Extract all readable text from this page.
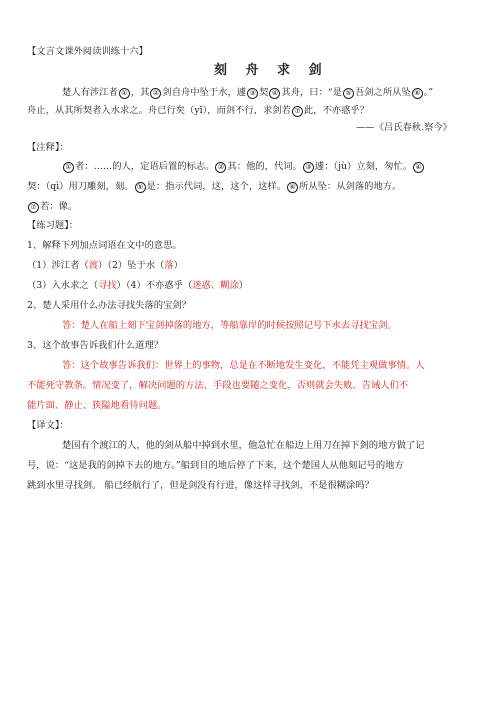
【文言文课外阅读训练十六】
刻 舟 求 剑
楚人有涉江者 ① ，其 ② 剑自舟中坠于水，遽 ③ 契 ④ 其舟，曰：“是 ⑤ 吾剑之所从坠 ⑥ 。”
舟止，从其所契者入水求之。舟已行矣（yǐ），而剑不行，求剑若 ⑦ 此，不亦惑乎？
——《吕氏春秋.察今》
【注释】：
① 者：……的人，定语后置的标志。 ② 其：他的，代词。 ③ 遽：（jù）立刻，匆忙。 ④
契：（qì）用刀雕刻，刻。 ⑤ 是：指示代词，这，这个，这样。 ⑥ 所从坠：从剑落的地方。
⑦ 若：像。
【练习题】：
1、解释下列加点词语在文中的意思。
（1）涉江者（渡）（2）坠于水（落）
（3）入水求之（寻找）（4）不亦惑乎（迷惑、糊涂）
2、楚人采用什么办法寻找失落的宝剑？
答：楚人在船上刻下宝剑掉落的地方，等船靠岸的时候按照记号下水去寻找宝剑。
3、这个故事告诉我们什么道理？
答：这个故事告诉我们：世界上的事物，总是在不断地发生变化，不能凭主观做事情。人
不能死守教条。情况变了，解决问题的方法、手段也要随之变化，否则就会失败。告诫人们不
能片面、静止、狭隘地看待问题。
【译文】：
楚国有个渡江的人，他的剑从船中掉到水里，他急忙在船边上用刀在掉下剑的地方做了记
号，说：“这是我的剑掉下去的地方。”船到目的地后停了下来，这个楚国人从他刻记号的地方
跳到水里寻找剑。 船已经航行了，但是剑没有行进，像这样寻找剑，不是很糊涂吗？
